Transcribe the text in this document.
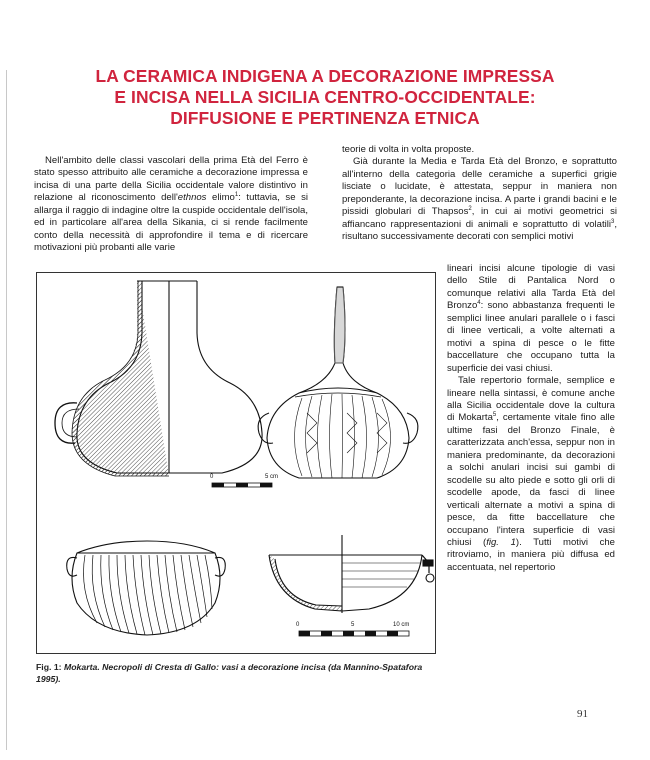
LA CERAMICA INDIGENA A DECORAZIONE IMPRESSA
E INCISA NELLA SICILIA CENTRO-OCCIDENTALE:
DIFFUSIONE E PERTINENZA ETNICA

Nell'ambito delle classi vascolari della prima Età del Ferro è stato spesso attribuito alle ceramiche a decorazione impressa e incisa di una parte della Sicilia occidentale valore distintivo in relazione al riconoscimento dell'ethnos elimo$^1$: tuttavia, se si allarga il raggio di indagine oltre la cuspide occidentale dell'isola, ed in particolare all'area della Sikania, ci si rende facilmente conto della necessità di approfondire il tema e di ricercare motivazioni più probanti alle varie

teorie di volta in volta proposte.

Già durante la Media e Tarda Età del Bronzo, e soprattutto all'interno della categoria delle ceramiche a superfici grigie lisciate o lucidate, è attestata, seppur in maniera non preponderante, la decorazione incisa. A parte i grandi bacini e le pissidi globulari di Thapsos$^2$, in cui ai motivi geometrici si affiancano rappresentazioni di animali e soprattutto di volatili$^3$, risultano successivamente decorati con semplici motivi

lineari incisi alcune tipologie di vasi dello Stile di Pantalica Nord o comunque relativi alla Tarda Età del Bronzo$^4$: sono abbastanza frequenti le semplici linee anulari parallele o i fasci di linee verticali, a volte alternati a motivi a spina di pesce o le fitte baccellature che occupano tutta la superficie dei vasi chiusi.

Tale repertorio formale, semplice e lineare nella sintassi, è comune anche alla Sicilia occidentale dove la cultura di Mokarta$^5$, certamente vitale fino alle ultime fasi del Bronzo Finale, è caratterizzata anch'essa, seppur non in maniera predominante, da decorazioni a solchi anulari incisi sui gambi di scodelle su alto piede e sotto gli orli di scodelle apode, da fasci di linee verticali alternate a motivi a spina di pesce, da fitte baccellature che occupano l'intera superficie di vasi chiusi (fig. 1). Tutti motivi che ritroviamo, in maniera più diffusa ed accentuata, nel repertorio

0	5 cm
0	5	10 cm
Fig. 1: Mokarta. Necropoli di Cresta di Gallo: vasi a decorazione incisa (da Mannino-Spatafora 1995).
91
